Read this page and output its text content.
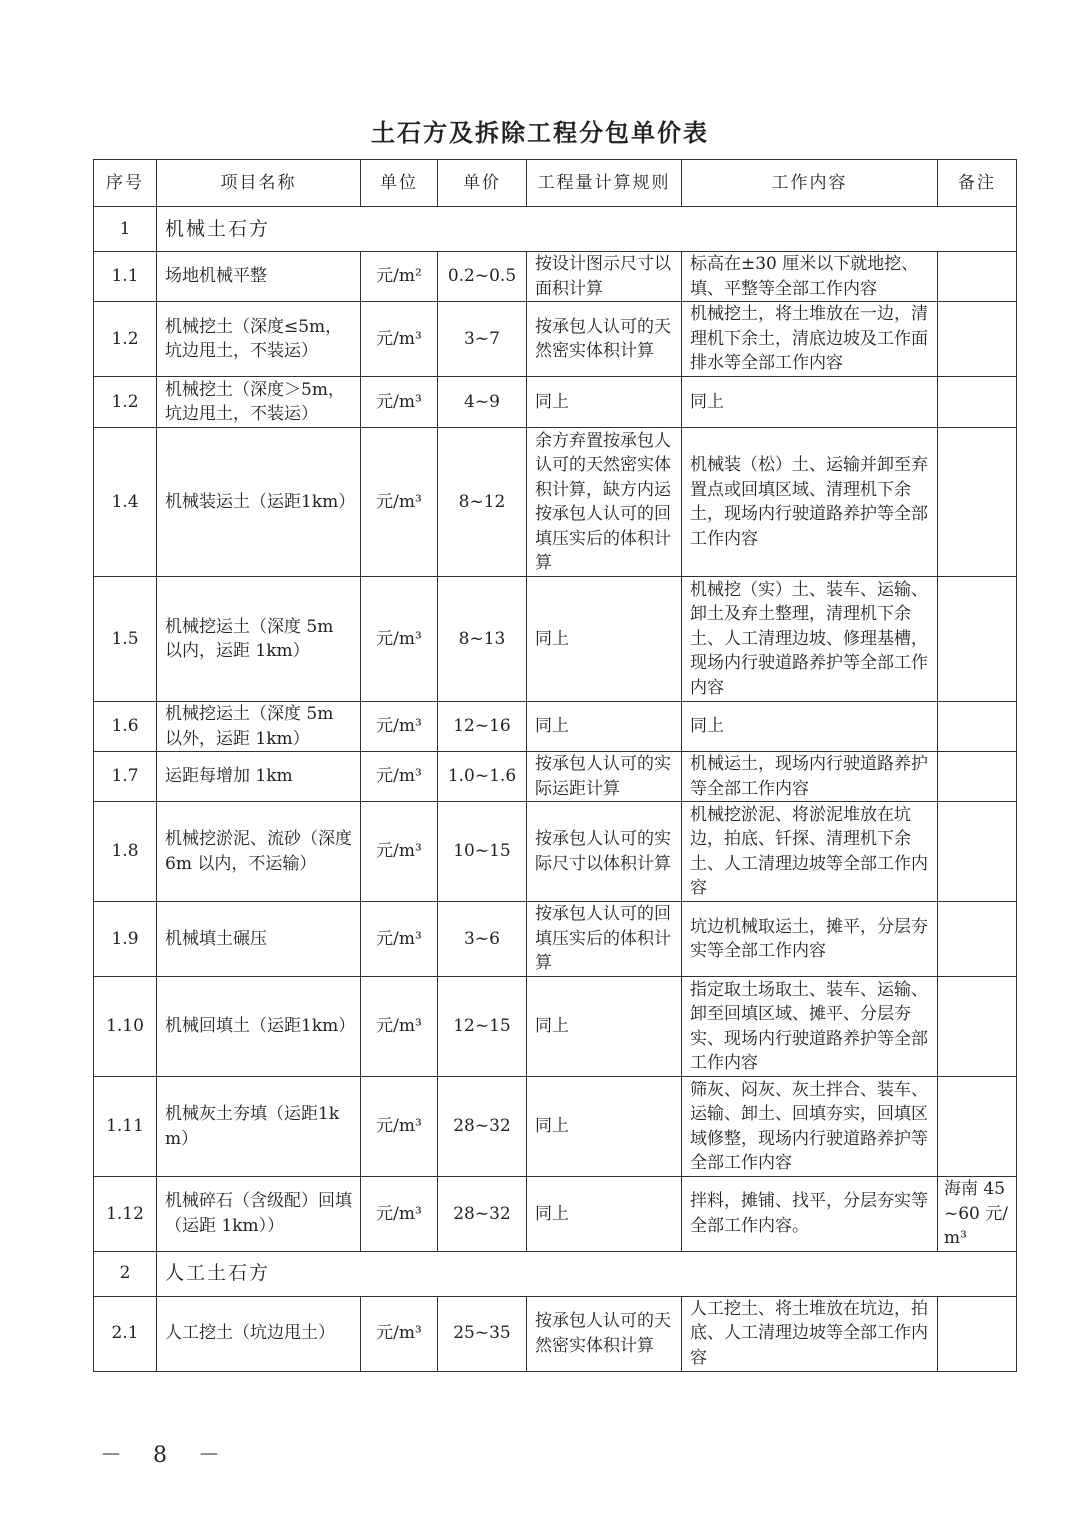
土石方及拆除工程分包单价表
序号	项目名称	单位	单价	工程量计算规则	工作内容	备注
1	机械土石方					
1.1	场地机械平整	元/m²	0.2~0.5	按设计图示尺寸以面积计算	标高在±30 厘米以下就地挖、填、平整等全部工作内容	
1.2	机械挖土（深度≤5m，坑边甩土，不装运）	元/m³	3~7	按承包人认可的天然密实体积计算	机械挖土，将土堆放在一边，清理机下余土，清底边坡及工作面排水等全部工作内容	
1.2	机械挖土（深度＞5m，坑边甩土，不装运）	元/m³	4~9	同上	同上	
1.4	机械装运土（运距1km）	元/m³	8~12	余方弃置按承包人认可的天然密实体积计算，缺方内运按承包人认可的回填压实后的体积计算	机械装（松）土、运输并卸至弃置点或回填区域、清理机下余土，现场内行驶道路养护等全部工作内容	
1.5	机械挖运土（深度 5m 以内，运距 1km）	元/m³	8~13	同上	机械挖（实）土、装车、运输、卸土及弃土整理，清理机下余土、人工清理边坡、修理基槽，现场内行驶道路养护等全部工作内容	
1.6	机械挖运土（深度 5m 以外，运距 1km）	元/m³	12~16	同上	同上	
1.7	运距每增加 1km	元/m³	1.0~1.6	按承包人认可的实际运距计算	机械运土，现场内行驶道路养护等全部工作内容	
1.8	机械挖淤泥、流砂（深度 6m 以内，不运输）	元/m³	10~15	按承包人认可的实际尺寸以体积计算	机械挖淤泥、将淤泥堆放在坑边，拍底、钎探、清理机下余土、人工清理边坡等全部工作内容	
1.9	机械填土碾压	元/m³	3~6	按承包人认可的回填压实后的体积计算	坑边机械取运土，摊平，分层夯实等全部工作内容	
1.10	机械回填土（运距1km）	元/m³	12~15	同上	指定取土场取土、装车、运输、卸至回填区域、摊平、分层夯实、现场内行驶道路养护等全部工作内容	
1.11	机械灰土夯填（运距1km）	元/m³	28~32	同上	筛灰、闷灰、灰土拌合、装车、运输、卸土、回填夯实，回填区域修整，现场内行驶道路养护等全部工作内容	
1.12	机械碎石（含级配）回填（运距 1km））	元/m³	28~32	同上	拌料，摊铺、找平，分层夯实等全部工作内容。	海南 45~60 元/m³
2	人工土石方					
2.1	人工挖土（坑边甩土）	元/m³	25~35	按承包人认可的天然密实体积计算	人工挖土、将土堆放在坑边，拍底、人工清理边坡等全部工作内容	
－ 8 －
